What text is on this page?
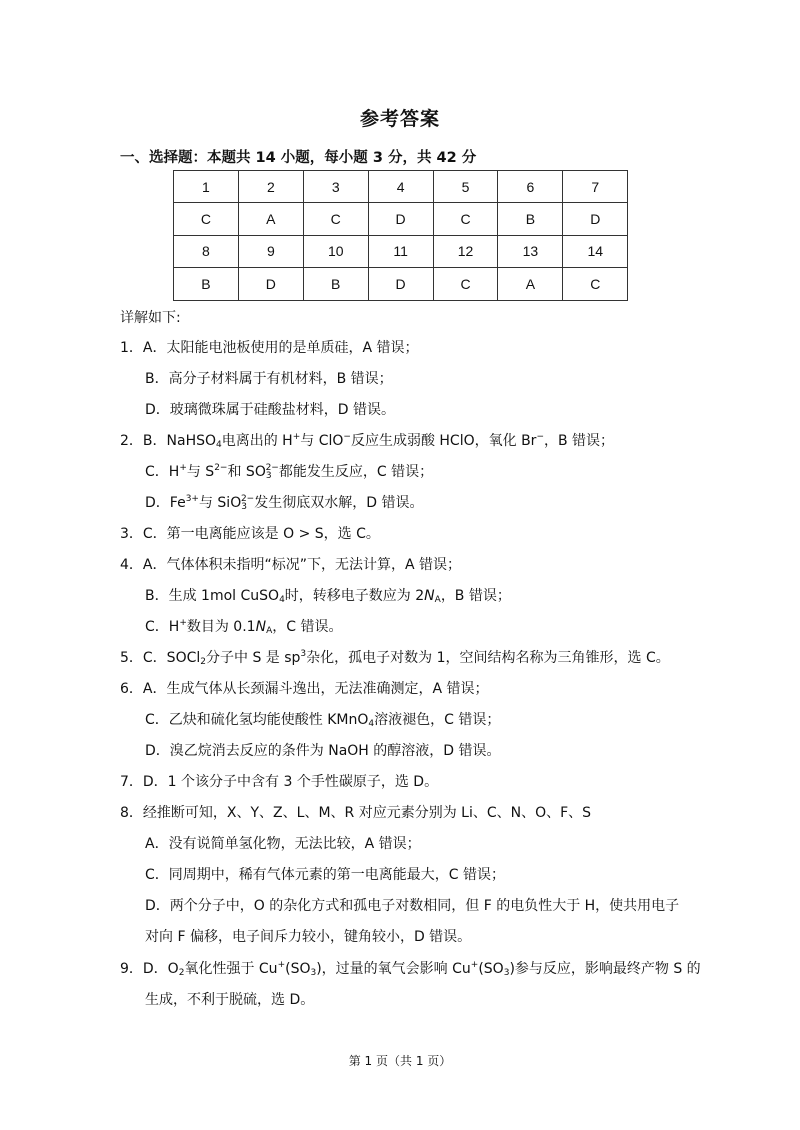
参考答案
一、选择题：本题共 14 小题，每小题 3 分，共 42 分
1	2	3	4	5	6	7
C	A	C	D	C	B	D
8	9	10	11	12	13	14
B	D	B	D	C	A	C
详解如下:
1．A．太阳能电池板使用的是单质硅，A 错误；
B．高分子材料属于有机材料，B 错误；
D．玻璃微珠属于硅酸盐材料，D 错误。
2．B．NaHSO$_4$电离出的 H+与 ClO−反应生成弱酸 HClO，氧化 Br−，B 错误；
C．H+与 $S^{2-}$和 $SO_3^{2-}$都能发生反应，C 错误；
D．$Fe^{3+}$与 SiO$_3^{2-}$发生彻底双水解，D 错误。
3．C．第一电离能应该是 O > S，选 C。
4．A．气体体积未指明“标况”下，无法计算，A 错误；
B．生成 1mol CuSO$_4$时，转移电子数应为 $2N_A$，B 错误；
C．H+数目为 $0.1N_A$，C 错误。
5．C．SOCl$_2$分子中 S 是 $sp^3$杂化，孤电子对数为 1，空间结构名称为三角锥形，选 C。
6．A．生成气体从长颈漏斗逸出，无法准确测定，A 错误；
C．乙炔和硫化氢均能使酸性 KMnO$_4$溶液褪色，C 错误；
D．溴乙烷消去反应的条件为 NaOH 的醇溶液，D 错误。
7．D．1 个该分子中含有 3 个手性碳原子，选 D。
8．经推断可知，X、Y、Z、L、M、R 对应元素分别为 Li、C、N、O、F、S
A．没有说简单氢化物，无法比较，A 错误；
C．同周期中，稀有气体元素的第一电离能最大，C 错误；
D．两个分子中，O 的杂化方式和孤电子对数相同，但 F 的电负性大于 H，使共用电子
对向 F 偏移，电子间斥力较小，键角较小，D 错误。
9．D．$O_2$氧化性强于 $Cu^+(SO_3)$，过量的氧气会影响 $Cu^+(SO_3)$参与反应，影响最终产物 S 的
生成，不利于脱硫，选 D。
第 1 页（共 1 页）
